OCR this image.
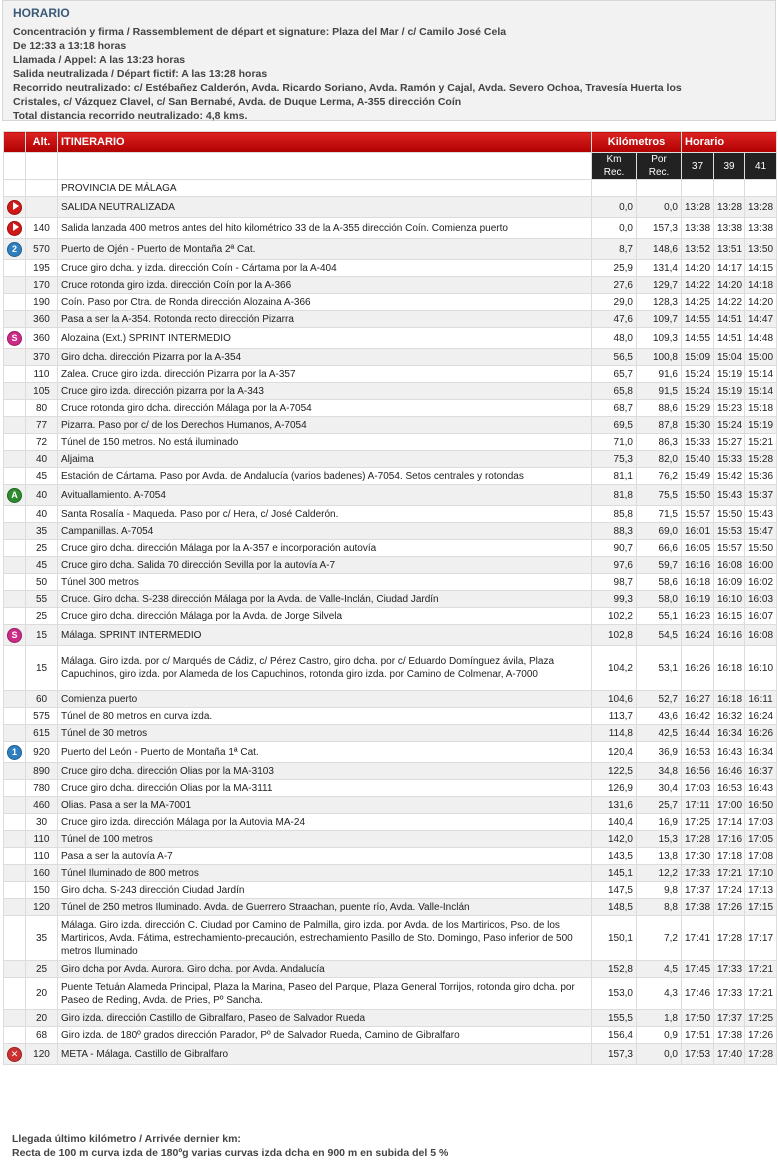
HORARIO
Concentración y firma / Rassemblement de départ et signature: Plaza del Mar / c/ Camilo José Cela
De 12:33 a 13:18 horas
Llamada / Appel: A las 13:23 horas
Salida neutralizada / Départ fictif: A las 13:28 horas
Recorrido neutralizado: c/ Estébañez Calderón, Avda. Ricardo Soriano, Avda. Ramón y Cajal, Avda. Severo Ochoa, Travesía Huerta los
Cristales, c/ Vázquez Clavel, c/ San Bernabé, Avda. de Duque Lerma, A-355 dirección Coín
Total distancia recorrido neutralizado: 4,8 kms.
	Alt.	ITINERARIO	Kilómetros		Horario		
			Km Rec.	Por Rec.	37	39	41
		PROVINCIA DE MÁLAGA					
		SALIDA NEUTRALIZADA	0,0	0,0	13:28	13:28	13:28
	140	Salida lanzada 400 metros antes del hito kilométrico 33 de la A-355 dirección Coín. Comienza puerto	0,0	157,3	13:38	13:38	13:38
2	570	Puerto de Ojén - Puerto de Montaña 2ª Cat.	8,7	148,6	13:52	13:51	13:50
	195	Cruce giro dcha. y izda. dirección Coín - Cártama por la A-404	25,9	131,4	14:20	14:17	14:15
	170	Cruce rotonda giro izda. dirección Coín por la A-366	27,6	129,7	14:22	14:20	14:18
	190	Coín. Paso por Ctra. de Ronda dirección Alozaina A-366	29,0	128,3	14:25	14:22	14:20
	360	Pasa a ser la A-354. Rotonda recto dirección Pizarra	47,6	109,7	14:55	14:51	14:47
S	360	Alozaina (Ext.) SPRINT INTERMEDIO	48,0	109,3	14:55	14:51	14:48
	370	Giro dcha. dirección Pizarra por la A-354	56,5	100,8	15:09	15:04	15:00
	110	Zalea. Cruce giro izda. dirección Pizarra por la A-357	65,7	91,6	15:24	15:19	15:14
	105	Cruce giro izda. dirección pizarra por la A-343	65,8	91,5	15:24	15:19	15:14
	80	Cruce rotonda giro dcha. dirección Málaga por la A-7054	68,7	88,6	15:29	15:23	15:18
	77	Pizarra. Paso por c/ de los Derechos Humanos, A-7054	69,5	87,8	15:30	15:24	15:19
	72	Túnel de 150 metros. No está iluminado	71,0	86,3	15:33	15:27	15:21
	40	Aljaima	75,3	82,0	15:40	15:33	15:28
	45	Estación de Cártama. Paso por Avda. de Andalucía (varios badenes) A-7054. Setos centrales y rotondas	81,1	76,2	15:49	15:42	15:36
A	40	Avituallamiento. A-7054	81,8	75,5	15:50	15:43	15:37
	40	Santa Rosalía - Maqueda. Paso por c/ Hera, c/ José Calderón.	85,8	71,5	15:57	15:50	15:43
	35	Campanillas. A-7054	88,3	69,0	16:01	15:53	15:47
	25	Cruce giro dcha. dirección Málaga por la A-357 e incorporación autovía	90,7	66,6	16:05	15:57	15:50
	45	Cruce giro dcha. Salida 70 dirección Sevilla por la autovía A-7	97,6	59,7	16:16	16:08	16:00
	50	Túnel 300 metros	98,7	58,6	16:18	16:09	16:02
	55	Cruce. Giro dcha. S-238 dirección Málaga por la Avda. de Valle-Inclán, Ciudad Jardín	99,3	58,0	16:19	16:10	16:03
	25	Cruce giro dcha. dirección Málaga por la Avda. de Jorge Silvela	102,2	55,1	16:23	16:15	16:07
S	15	Málaga. SPRINT INTERMEDIO	102,8	54,5	16:24	16:16	16:08
	15	Málaga. Giro izda. por c/ Marqués de Cádiz, c/ Pérez Castro, giro dcha. por c/ Eduardo Domínguez ávila, Plaza Capuchinos, giro izda. por Alameda de los Capuchinos, rotonda giro izda. por Camino de Colmenar, A-7000	104,2	53,1	16:26	16:18	16:10
	60	Comienza puerto	104,6	52,7	16:27	16:18	16:11
	575	Túnel de 80 metros en curva izda.	113,7	43,6	16:42	16:32	16:24
	615	Túnel de 30 metros	114,8	42,5	16:44	16:34	16:26
1	920	Puerto del León - Puerto de Montaña 1ª Cat.	120,4	36,9	16:53	16:43	16:34
	890	Cruce giro dcha. dirección Olias por la MA-3103	122,5	34,8	16:56	16:46	16:37
	780	Cruce giro dcha. dirección Olias por la MA-3111	126,9	30,4	17:03	16:53	16:43
	460	Olias. Pasa a ser la MA-7001	131,6	25,7	17:11	17:00	16:50
	30	Cruce giro izda. dirección Málaga por la Autovia MA-24	140,4	16,9	17:25	17:14	17:03
	110	Túnel de 100 metros	142,0	15,3	17:28	17:16	17:05
	110	Pasa a ser la autovía A-7	143,5	13,8	17:30	17:18	17:08
	160	Túnel Iluminado de 800 metros	145,1	12,2	17:33	17:21	17:10
	150	Giro dcha. S-243 dirección Ciudad Jardín	147,5	9,8	17:37	17:24	17:13
	120	Túnel de 250 metros Iluminado. Avda. de Guerrero Straachan, puente río, Avda. Valle-Inclán	148,5	8,8	17:38	17:26	17:15
	35	Málaga. Giro izda. dirección C. Ciudad por Camino de Palmilla, giro izda. por Avda. de los Martiricos, Pso. de los Martiricos, Avda. Fátima, estrechamiento-precaución, estrechamiento Pasillo de Sto. Domingo, Paso inferior de 500 metros Iluminado	150,1	7,2	17:41	17:28	17:17
	25	Giro dcha por Avda. Aurora. Giro dcha. por Avda. Andalucía	152,8	4,5	17:45	17:33	17:21
	20	Puente Tetuán Alameda Principal, Plaza la Marina, Paseo del Parque, Plaza General Torrijos, rotonda giro dcha. por Paseo de Reding, Avda. de Pries, Pº Sancha.	153,0	4,3	17:46	17:33	17:21
	20	Giro izda. dirección Castillo de Gibralfaro, Paseo de Salvador Rueda	155,5	1,8	17:50	17:37	17:25
	68	Giro izda. de 180º grados dirección Parador, Pº de Salvador Rueda, Camino de Gibralfaro	156,4	0,9	17:51	17:38	17:26
✕	120	META - Málaga. Castillo de Gibralfaro	157,3	0,0	17:53	17:40	17:28
Llegada último kilómetro / Arrivée dernier km:
Recta de 100 m curva izda de 180ºg varias curvas izda dcha en 900 m en subida del 5 %
